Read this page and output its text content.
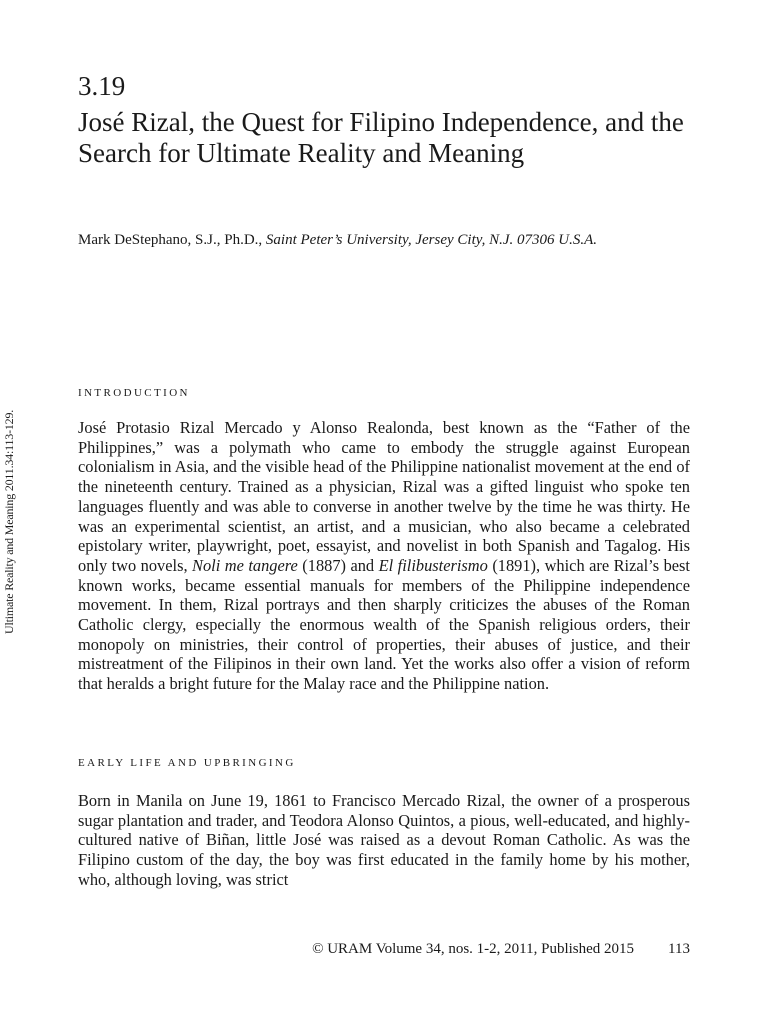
Ultimate Reality and Meaning 2011.34:113-129.
3.19
José Rizal, the Quest for Filipino Independence, and the Search for Ultimate Reality and Meaning
Mark DeStephano, S.J., Ph.D., Saint Peter’s University, Jersey City, N.J. 07306 U.S.A.
INTRODUCTION

José Protasio Rizal Mercado y Alonso Realonda, best known as the “Father of the Philippines,” was a polymath who came to embody the struggle against European colonialism in Asia, and the visible head of the Philippine nationalist movement at the end of the nineteenth century. Trained as a physician, Rizal was a gifted linguist who spoke ten languages fluently and was able to converse in another twelve by the time he was thirty. He was an experimental scientist, an artist, and a musician, who also became a celebrated epistolary writer, playwright, poet, essayist, and novelist in both Spanish and Tagalog. His only two novels, Noli me tangere (1887) and El filibusterismo (1891), which are Rizal’s best known works, became essential manuals for members of the Philippine independence movement. In them, Rizal portrays and then sharply criticizes the abuses of the Roman Catholic clergy, especially the enormous wealth of the Spanish religious orders, their monopoly on ministries, their control of properties, their abuses of justice, and their mistreatment of the Filipinos in their own land. Yet the works also offer a vision of reform that heralds a bright future for the Malay race and the Philippine nation.

EARLY LIFE AND UPBRINGING

Born in Manila on June 19, 1861 to Francisco Mercado Rizal, the owner of a prosperous sugar plantation and trader, and Teodora Alonso Quintos, a pious, well-educated, and highly-cultured native of Biñan, little José was raised as a devout Roman Catholic. As was the Filipino custom of the day, the boy was first educated in the family home by his mother, who, although loving, was strict

© URAM Volume 34, nos. 1-2, 2011, Published 2015 113
